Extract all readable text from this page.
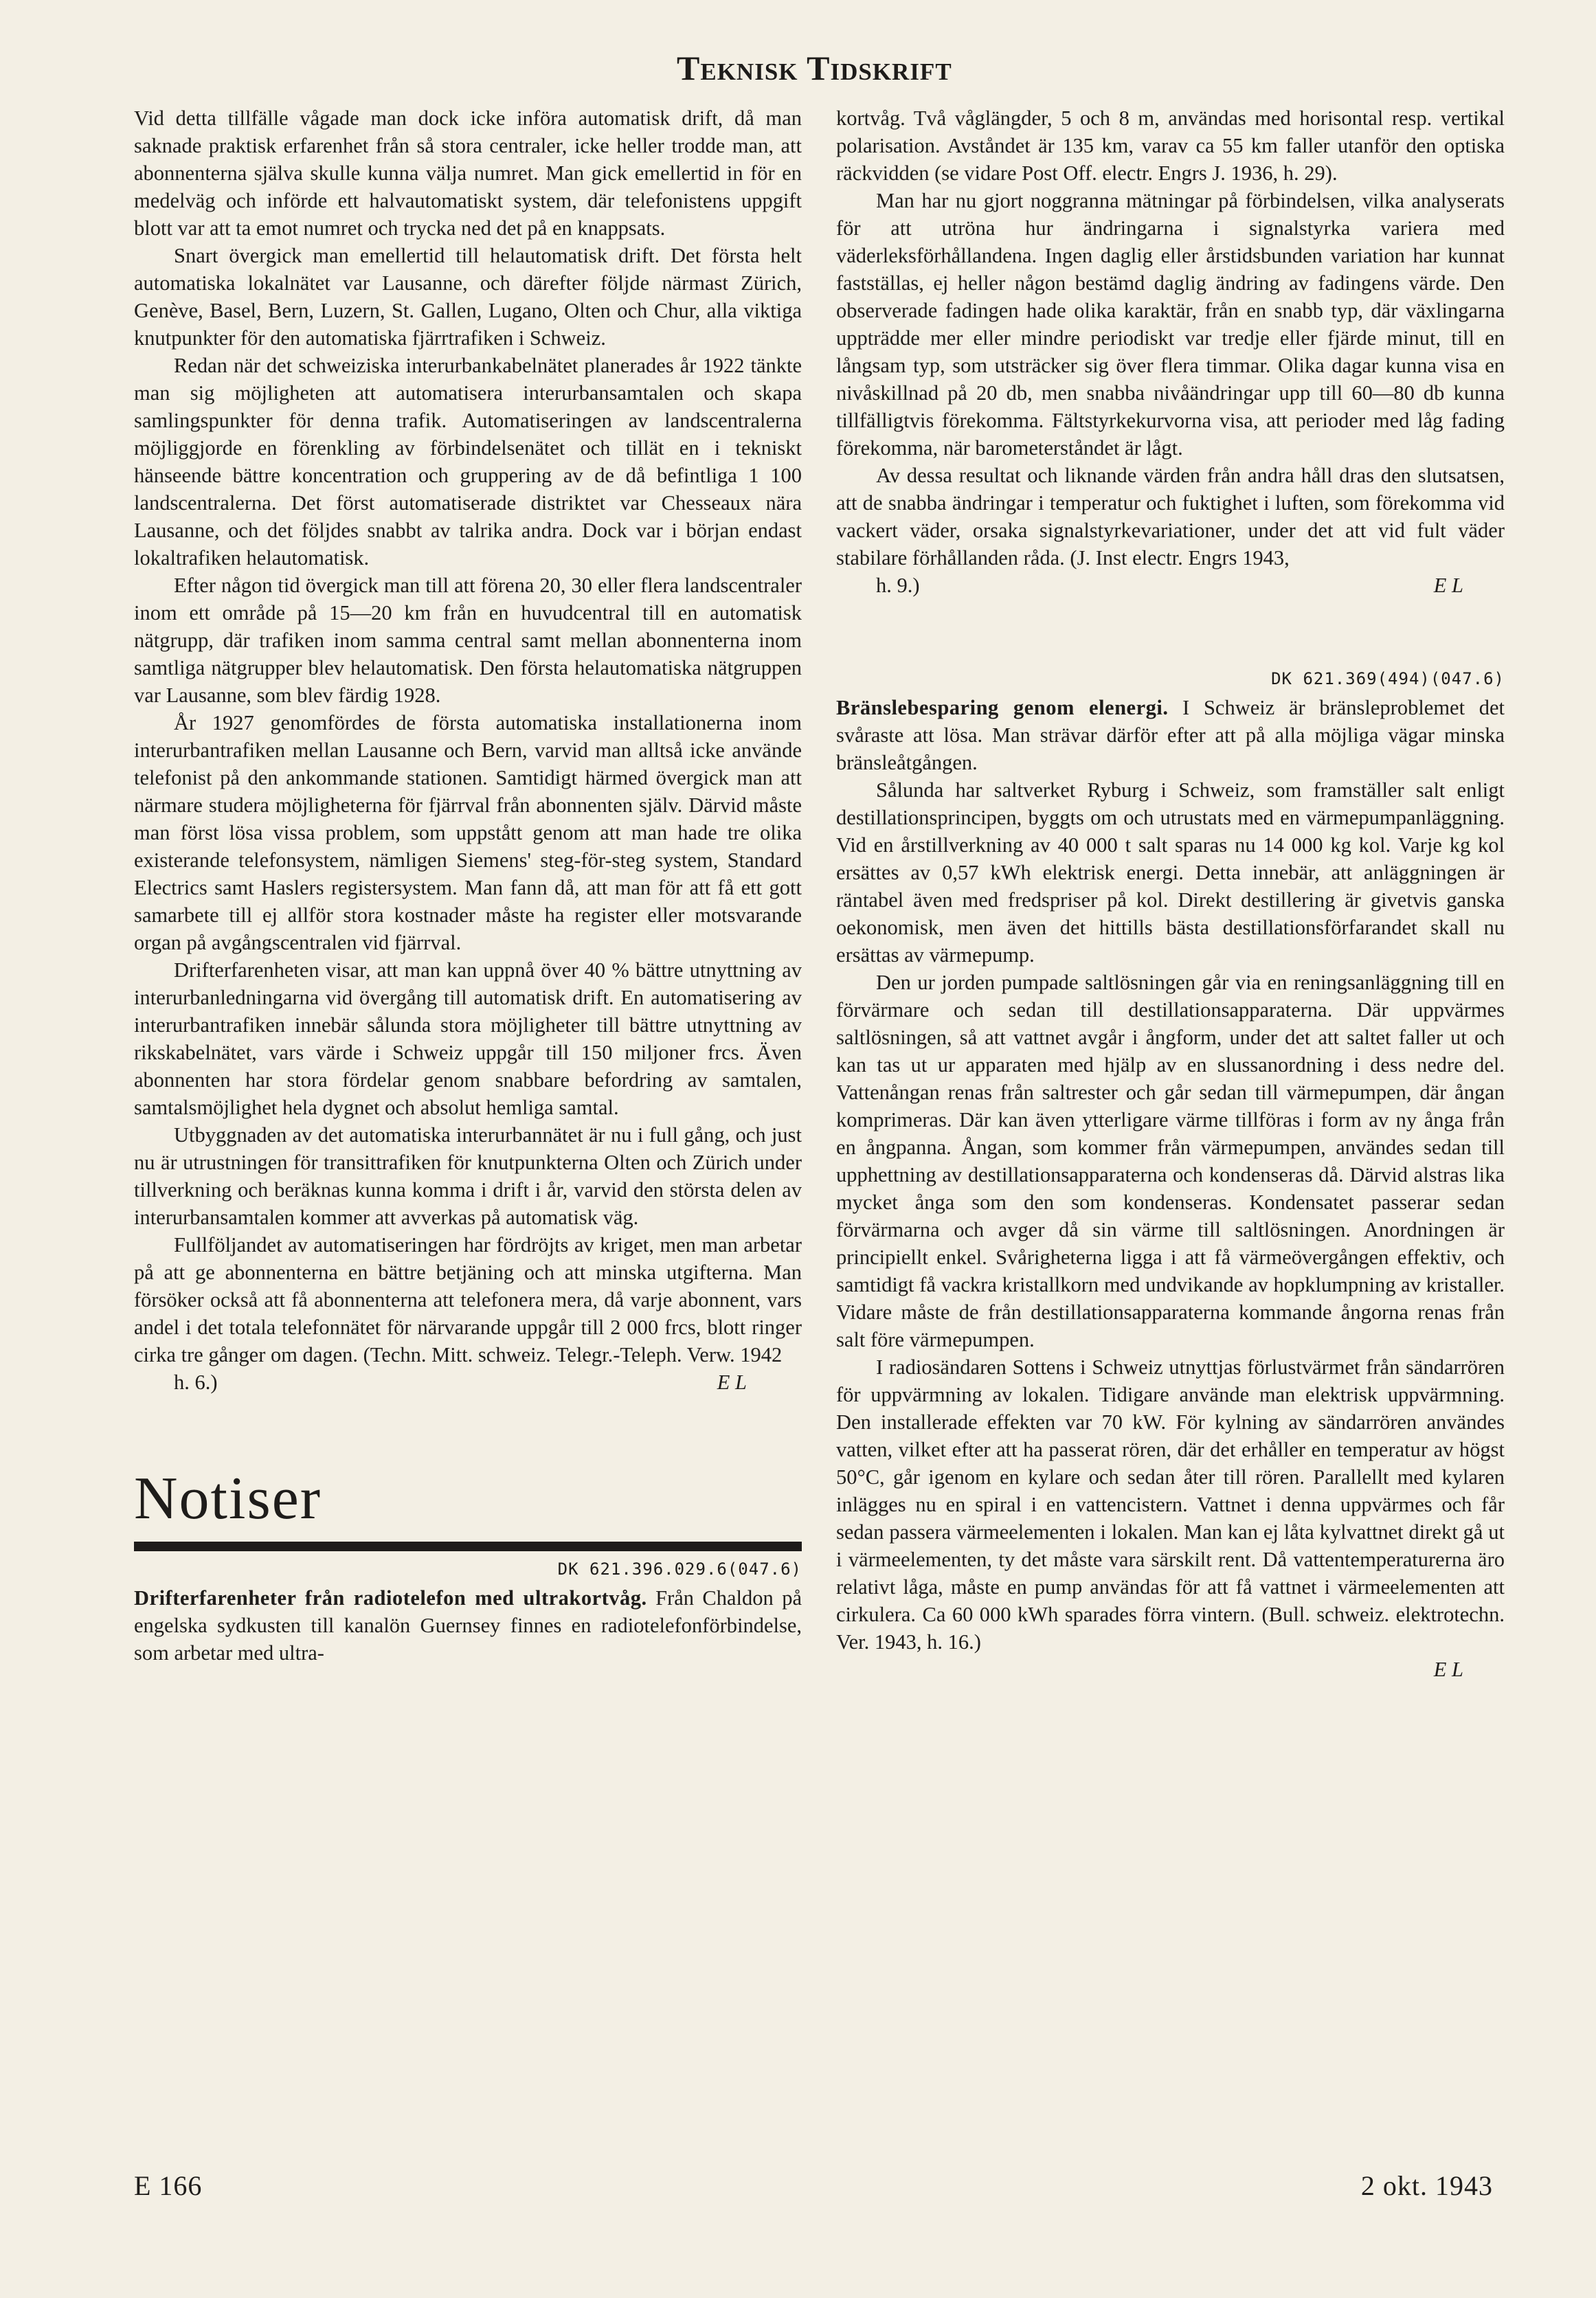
Teknisk Tidskrift

Vid detta tillfälle vågade man dock icke införa automatisk drift, då man saknade praktisk erfarenhet från så stora centraler, icke heller trodde man, att abonnenterna själva skulle kunna välja numret. Man gick emellertid in för en medelväg och införde ett halvautomatiskt system, där telefonistens uppgift blott var att ta emot numret och trycka ned det på en knappsats.

Snart övergick man emellertid till helautomatisk drift. Det första helt automatiska lokalnätet var Lausanne, och därefter följde närmast Zürich, Genève, Basel, Bern, Luzern, St. Gallen, Lugano, Olten och Chur, alla viktiga knutpunkter för den automatiska fjärrtrafiken i Schweiz.

Redan när det schweiziska interurbankabelnätet planerades år 1922 tänkte man sig möjligheten att automatisera interurbansamtalen och skapa samlingspunkter för denna trafik. Automatiseringen av landscentralerna möjliggjorde en förenkling av förbindelsenätet och tillät en i tekniskt hänseende bättre koncentration och gruppering av de då befintliga 1 100 landscentralerna. Det först automatiserade distriktet var Chesseaux nära Lausanne, och det följdes snabbt av talrika andra. Dock var i början endast lokaltrafiken helautomatisk.

Efter någon tid övergick man till att förena 20, 30 eller flera landscentraler inom ett område på 15—20 km från en huvudcentral till en automatisk nätgrupp, där trafiken inom samma central samt mellan abonnenterna inom samtliga nätgrupper blev helautomatisk. Den första helautomatiska nätgruppen var Lausanne, som blev färdig 1928.

År 1927 genomfördes de första automatiska installationerna inom interurbantrafiken mellan Lausanne och Bern, varvid man alltså icke använde telefonist på den ankommande stationen. Samtidigt härmed övergick man att närmare studera möjligheterna för fjärrval från abonnenten själv. Därvid måste man först lösa vissa problem, som uppstått genom att man hade tre olika existerande telefonsystem, nämligen Siemens' steg-för-steg system, Standard Electrics samt Haslers registersystem. Man fann då, att man för att få ett gott samarbete till ej allför stora kostnader måste ha register eller motsvarande organ på avgångscentralen vid fjärrval.

Drifterfarenheten visar, att man kan uppnå över 40 % bättre utnyttning av interurbanledningarna vid övergång till automatisk drift. En automatisering av interurbantrafiken innebär sålunda stora möjligheter till bättre utnyttning av rikskabelnätet, vars värde i Schweiz uppgår till 150 miljoner frcs. Även abonnenten har stora fördelar genom snabbare befordring av samtalen, samtalsmöjlighet hela dygnet och absolut hemliga samtal.

Utbyggnaden av det automatiska interurbannätet är nu i full gång, och just nu är utrustningen för transittrafiken för knutpunkterna Olten och Zürich under tillverkning och beräknas kunna komma i drift i år, varvid den största delen av interurbansamtalen kommer att avverkas på automatisk väg.

Fullföljandet av automatiseringen har fördröjts av kriget, men man arbetar på att ge abonnenterna en bättre betjäning och att minska utgifterna. Man försöker också att få abonnenterna att telefonera mera, då varje abonnent, vars andel i det totala telefonnätet för närvarande uppgår till 2 000 frcs, blott ringer cirka tre gånger om dagen. (Techn. Mitt. schweiz. Telegr.-Teleph. Verw. 1942

h. 6.)	E L

Notiser
DK 621.396.029.6(047.6)

Drifterfarenheter från radiotelefon med ultrakortvåg. Från Chaldon på engelska sydkusten till kanalön Guernsey finnes en radiotelefonförbindelse, som arbetar med ultra-

kortvåg. Två våglängder, 5 och 8 m, användas med horisontal resp. vertikal polarisation. Avståndet är 135 km, varav ca 55 km faller utanför den optiska räckvidden (se vidare Post Off. electr. Engrs J. 1936, h. 29).

Man har nu gjort noggranna mätningar på förbindelsen, vilka analyserats för att utröna hur ändringarna i signalstyrka variera med väderleksförhållandena. Ingen daglig eller årstidsbunden variation har kunnat fastställas, ej heller någon bestämd daglig ändring av fadingens värde. Den observerade fadingen hade olika karaktär, från en snabb typ, där växlingarna uppträdde mer eller mindre periodiskt var tredje eller fjärde minut, till en långsam typ, som utsträcker sig över flera timmar. Olika dagar kunna visa en nivåskillnad på 20 db, men snabba nivåändringar upp till 60—80 db kunna tillfälligtvis förekomma. Fältstyrkekurvorna visa, att perioder med låg fading förekomma, när barometerståndet är lågt.

Av dessa resultat och liknande värden från andra håll dras den slutsatsen, att de snabba ändringar i temperatur och fuktighet i luften, som förekomma vid vackert väder, orsaka signalstyrkevariationer, under det att vid fult väder stabilare förhållanden råda. (J. Inst electr. Engrs 1943,

h. 9.)	E L

DK 621.369(494)(047.6)

Bränslebesparing genom elenergi. I Schweiz är bränsleproblemet det svåraste att lösa. Man strävar därför efter att på alla möjliga vägar minska bränsleåtgången.

Sålunda har saltverket Ryburg i Schweiz, som framställer salt enligt destillationsprincipen, byggts om och utrustats med en värmepumpanläggning. Vid en årstillverkning av 40 000 t salt sparas nu 14 000 kg kol. Varje kg kol ersättes av 0,57 kWh elektrisk energi. Detta innebär, att anläggningen är räntabel även med fredspriser på kol. Direkt destillering är givetvis ganska oekonomisk, men även det hittills bästa destillationsförfarandet skall nu ersättas av värmepump.

Den ur jorden pumpade saltlösningen går via en reningsanläggning till en förvärmare och sedan till destillationsapparaterna. Där uppvärmes saltlösningen, så att vattnet avgår i ångform, under det att saltet faller ut och kan tas ut ur apparaten med hjälp av en slussanordning i dess nedre del. Vattenångan renas från saltrester och går sedan till värmepumpen, där ångan komprimeras. Där kan även ytterligare värme tillföras i form av ny ånga från en ångpanna. Ångan, som kommer från värmepumpen, användes sedan till upphettning av destillationsapparaterna och kondenseras då. Därvid alstras lika mycket ånga som den som kondenseras. Kondensatet passerar sedan förvärmarna och avger då sin värme till saltlösningen. Anordningen är principiellt enkel. Svårigheterna ligga i att få värmeövergången effektiv, och samtidigt få vackra kristallkorn med undvikande av hopklumpning av kristaller. Vidare måste de från destillationsapparaterna kommande ångorna renas från salt före värmepumpen.

I radiosändaren Sottens i Schweiz utnyttjas förlustvärmet från sändarrören för uppvärmning av lokalen. Tidigare använde man elektrisk uppvärmning. Den installerade effekten var 70 kW. För kylning av sändarrören användes vatten, vilket efter att ha passerat rören, där det erhåller en temperatur av högst 50°C, går igenom en kylare och sedan åter till rören. Parallellt med kylaren inlägges nu en spiral i en vattencistern. Vattnet i denna uppvärmes och får sedan passera värmeelementen i lokalen. Man kan ej låta kylvattnet direkt gå ut i värmeelementen, ty det måste vara särskilt rent. Då vattentemperaturerna äro relativt låga, måste en pump användas för att få vattnet i värmeelementen att cirkulera. Ca 60 000 kWh sparades förra vintern. (Bull. schweiz. elektrotechn. Ver. 1943, h. 16.)

E L

E 166	2 okt. 1943
